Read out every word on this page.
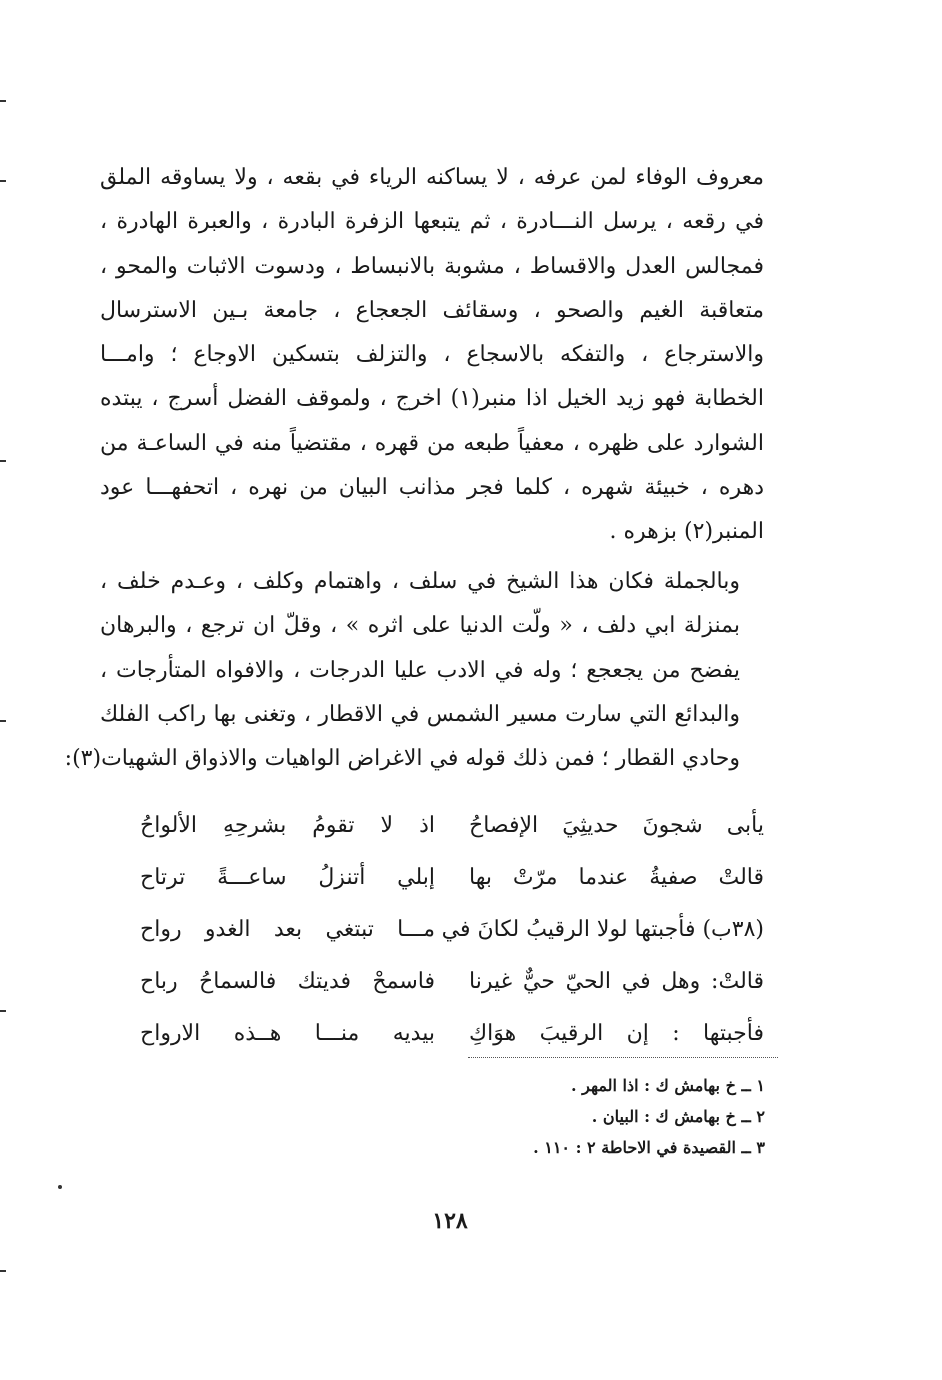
معروف الوفاء لمن عرفه ، لا يساكنه الرياء في بقعه ، ولا يساوقه الملق
في رقعه ، يرسل النـــادرة ، ثم يتبعها الزفرة البادرة ، والعبرة الهادرة ،
فمجالس العدل والاقساط ، مشوبة بالانبساط ، ودسوت الاثبات والمحو ،
متعاقبة الغيم والصحو ، وسقائف الجعجاع ، جامعة بـين الاسترسال
والاسترجاع ، والتفكه بالاسجاع ، والتزلف بتسكين الاوجاع ؛ وامـــا
الخطابة فهو زيد الخيل اذا منبر(١) اخرج ، ولموقف الفضل أسرج ، يبتده
الشوارد على ظهره ، معفياً طبعه من قهره ، مقتضياً منه في الساعـة من
دهره ، خبيئة شهره ، كلما فجر مذانب البيان من نهره ، اتحفهـــا عود
المنبر(٢) بزهره .

وبالجملة فكان هذا الشيخ في سلف ، واهتمام وكلف ، وعـدم خلف ،
بمنزلة ابي دلف ، « ولّت الدنيا على اثره » ، وقلّ ان ترجع ، والبرهان
يفضح من يجعجع ؛ وله في الادب عليا الدرجات ، والافواه المتأرجات ،
والبدائع التي سارت مسير الشمس في الاقطار ، وتغنى بها راكب الفلك
وحادي القطار ؛ فمن ذلك قوله في الاغراض الواهيات والاذواق الشهيات(٣):

يأبى شجونَ حديثِيَ الإفصاحُ
اذ لا تقومُ بشرحِهِ الألواحُ
قالتْ صفيةُ عندما مرّتْ بها
إبلي أتنزلُ ساعـــةً ترتاح
(٣٨ب) فأجبتها لولا الرقيبُ لكانَ في
مـــا تبتغي بعد الغدو رواح
قالتْ: وهل في الحيّ حيٌّ غيرنا
فاسمحْ فديتك فالسماحُ رباح
فأجبتها : إن الرقيبَ هوَاكِ
بيديه منـــا هــذه الارواح
١ ــ خ بهامش ك : اذا المهر .
٢ ــ خ بهامش ك : البيان .
٣ ــ القصيدة في الاحاطة ٢ : ١١٠ .
١٢٨
